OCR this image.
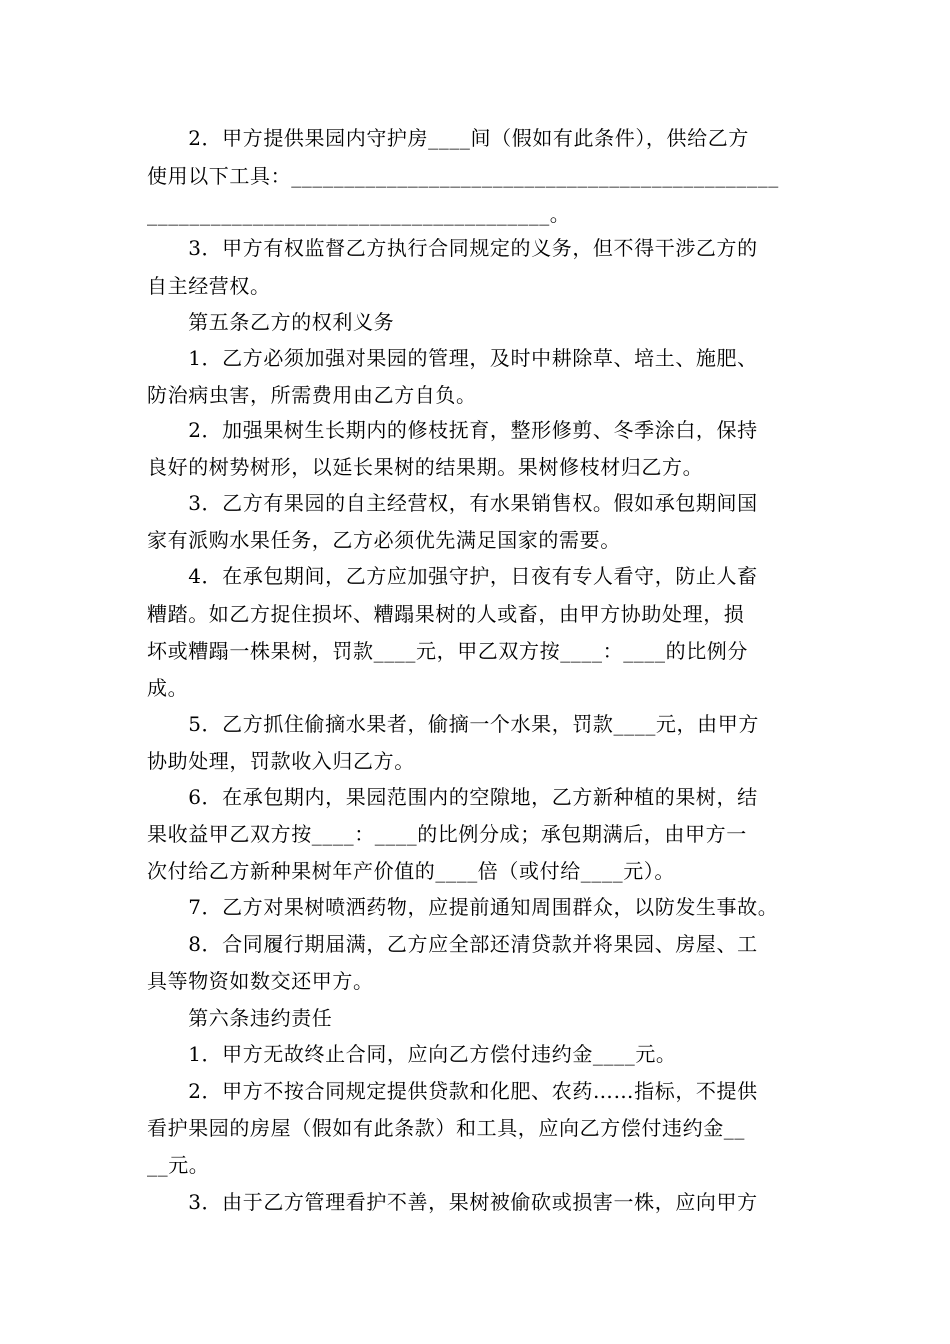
　　2．甲方提供果园内守护房____间（假如有此条件），供给乙方
使用以下工具：______________________________________________
______________________________________。
　　3．甲方有权监督乙方执行合同规定的义务，但不得干涉乙方的
自主经营权。
　　第五条乙方的权利义务
　　1．乙方必须加强对果园的管理，及时中耕除草、培土、施肥、
防治病虫害，所需费用由乙方自负。
　　2．加强果树生长期内的修枝抚育，整形修剪、冬季涂白，保持
良好的树势树形，以延长果树的结果期。果树修枝材归乙方。
　　3．乙方有果园的自主经营权，有水果销售权。假如承包期间国
家有派购水果任务，乙方必须优先满足国家的需要。
　　4．在承包期间，乙方应加强守护，日夜有专人看守，防止人畜
糟踏。如乙方捉住损坏、糟蹋果树的人或畜，由甲方协助处理，损
坏或糟蹋一株果树，罚款____元，甲乙双方按____：____的比例分
成。
　　5．乙方抓住偷摘水果者，偷摘一个水果，罚款____元，由甲方
协助处理，罚款收入归乙方。
　　6．在承包期内，果园范围内的空隙地，乙方新种植的果树，结
果收益甲乙双方按____：____的比例分成；承包期满后，由甲方一
次付给乙方新种果树年产价值的____倍（或付给____元）。
　　7．乙方对果树喷洒药物，应提前通知周围群众，以防发生事故。
　　8．合同履行期届满，乙方应全部还清贷款并将果园、房屋、工
具等物资如数交还甲方。
　　第六条违约责任
　　1．甲方无故终止合同，应向乙方偿付违约金____元。
　　2．甲方不按合同规定提供贷款和化肥、农药……指标，不提供
看护果园的房屋（假如有此条款）和工具，应向乙方偿付违约金__
__元。
　　3．由于乙方管理看护不善，果树被偷砍或损害一株，应向甲方
